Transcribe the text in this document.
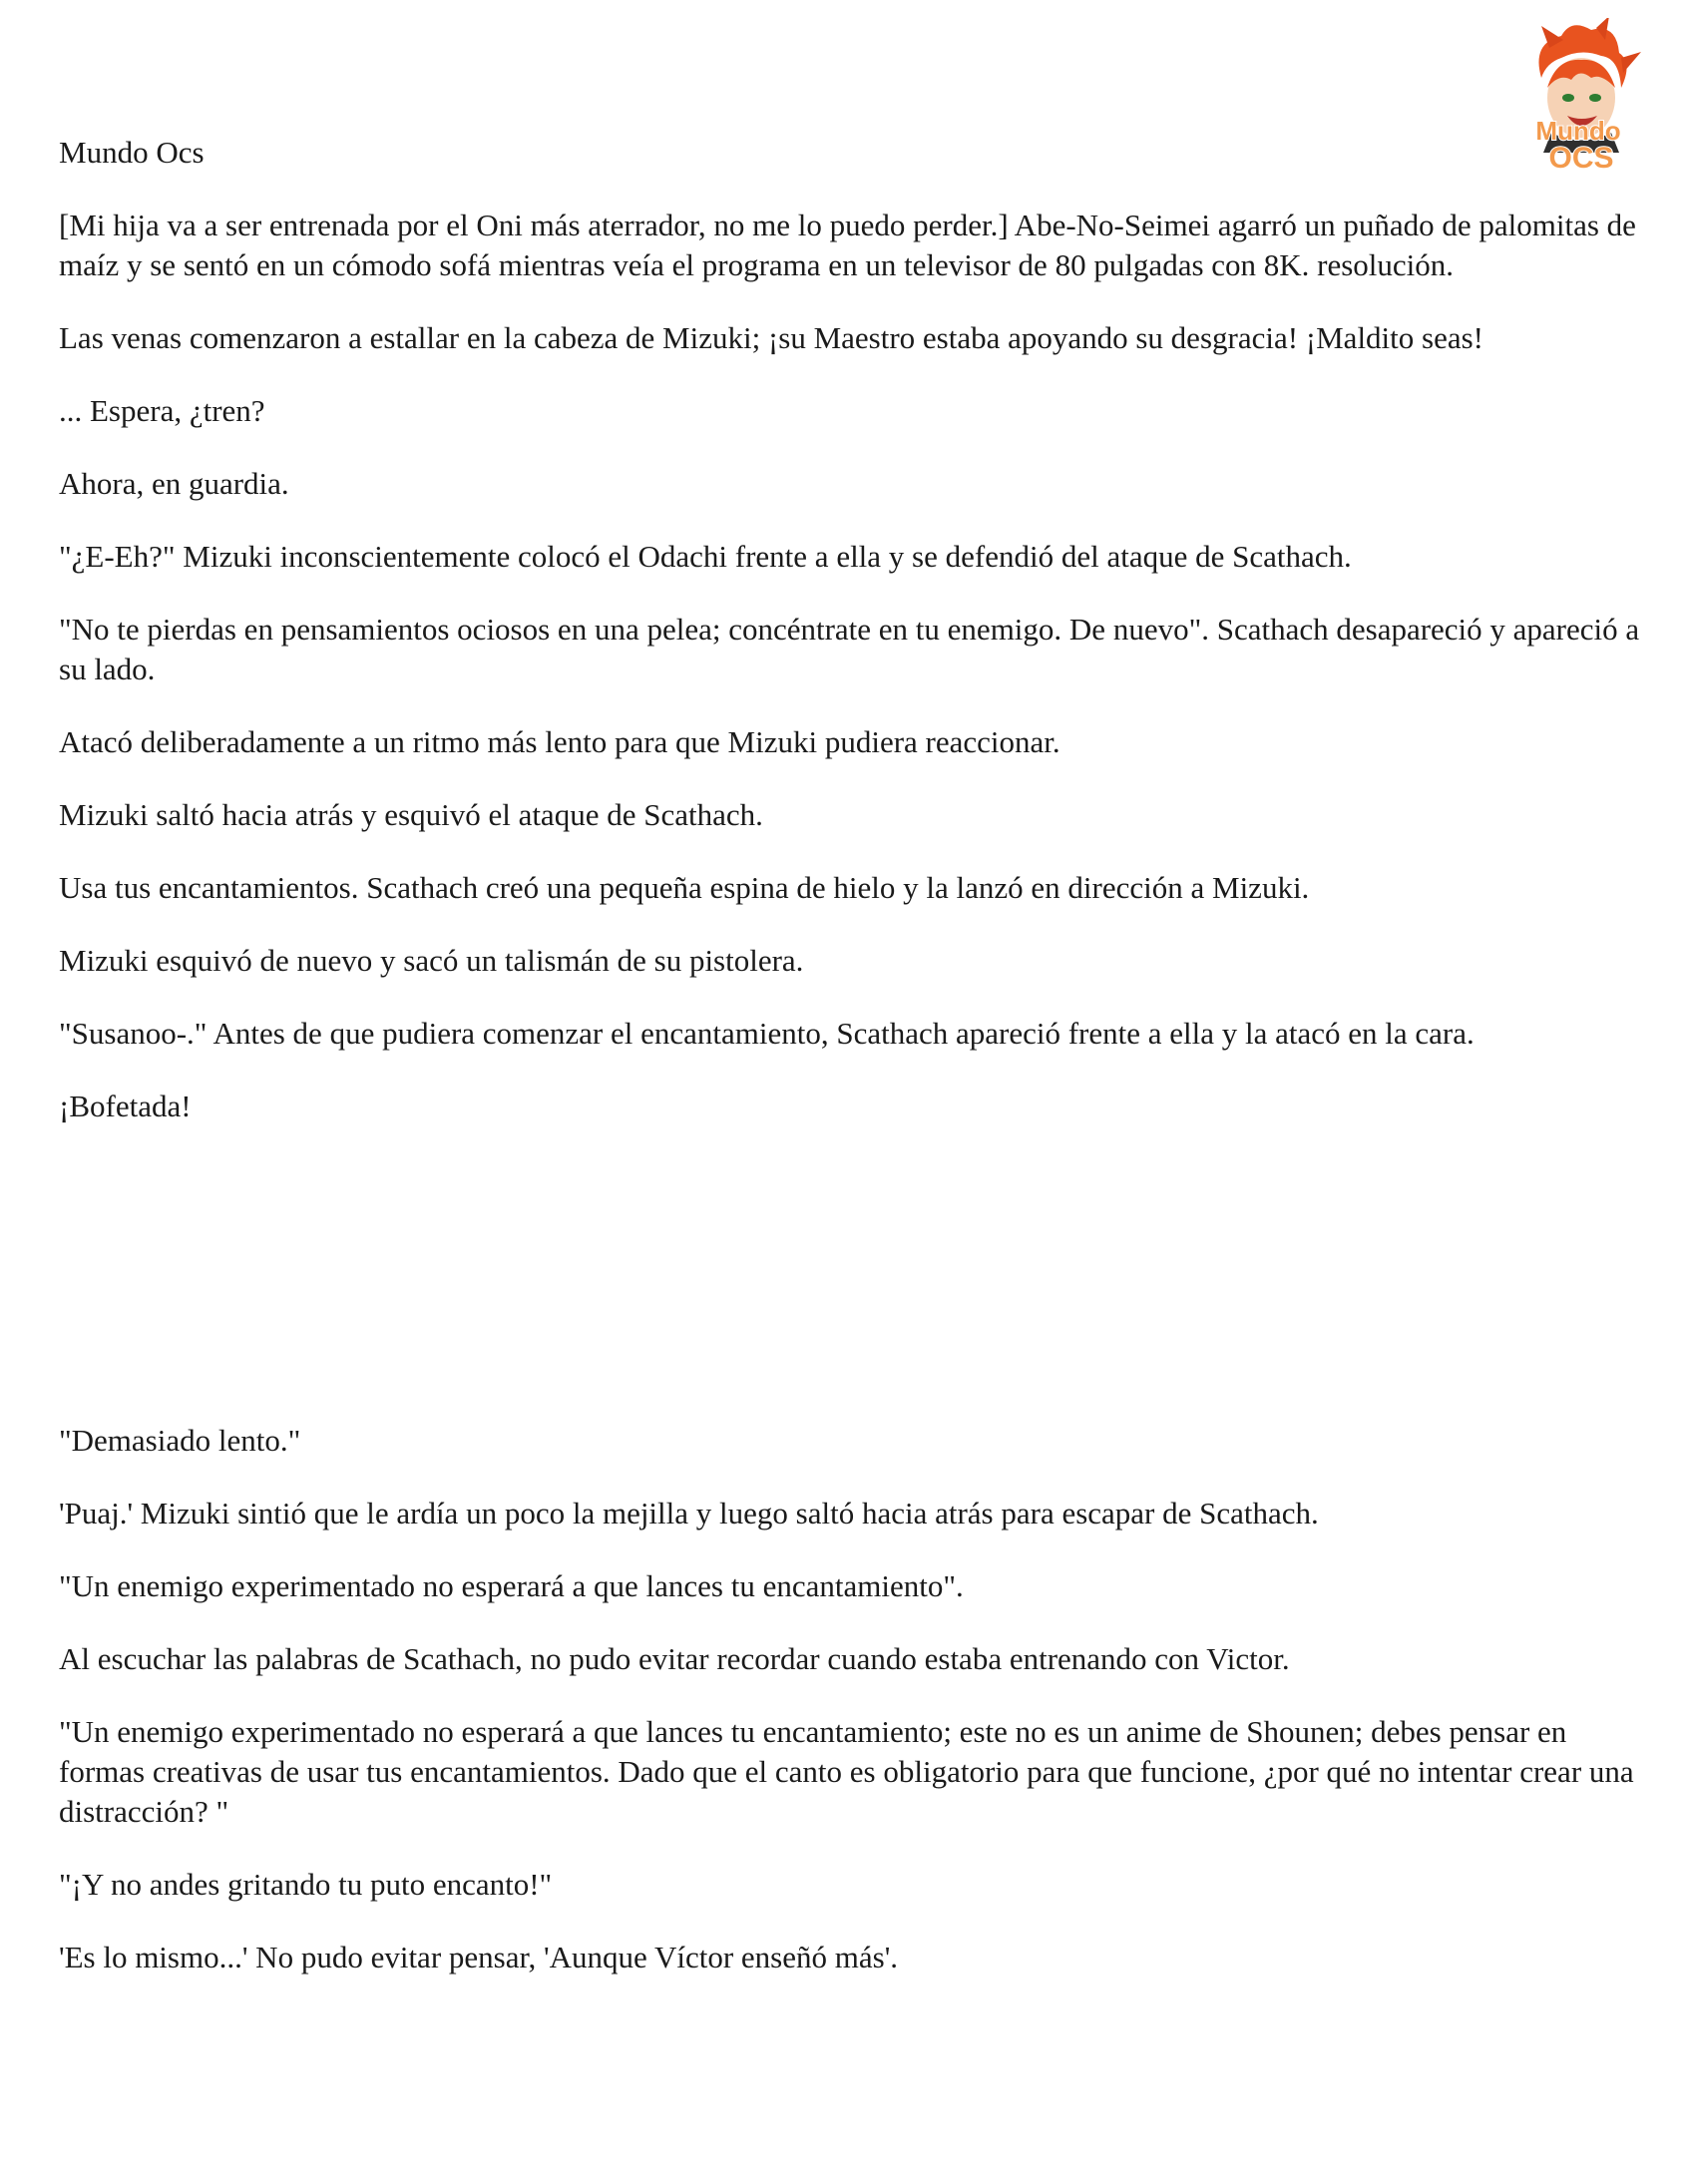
Mundo
OCS

Mundo Ocs

[Mi hija va a ser entrenada por el Oni más aterrador, no me lo puedo perder.] Abe-No-Seimei agarró un puñado de palomitas de maíz y se sentó en un cómodo sofá mientras veía el programa en un televisor de 80 pulgadas con 8K. resolución.

Las venas comenzaron a estallar en la cabeza de Mizuki; ¡su Maestro estaba apoyando su desgracia! ¡Maldito seas!

... Espera, ¿tren?

Ahora, en guardia.

"¿E-Eh?" Mizuki inconscientemente colocó el Odachi frente a ella y se defendió del ataque de Scathach.

"No te pierdas en pensamientos ociosos en una pelea; concéntrate en tu enemigo. De nuevo". Scathach desapareció y apareció a su lado.

Atacó deliberadamente a un ritmo más lento para que Mizuki pudiera reaccionar.

Mizuki saltó hacia atrás y esquivó el ataque de Scathach.

Usa tus encantamientos. Scathach creó una pequeña espina de hielo y la lanzó en dirección a Mizuki.

Mizuki esquivó de nuevo y sacó un talismán de su pistolera.

"Susanoo-." Antes de que pudiera comenzar el encantamiento, Scathach apareció frente a ella y la atacó en la cara.

¡Bofetada!

"Demasiado lento."

'Puaj.' Mizuki sintió que le ardía un poco la mejilla y luego saltó hacia atrás para escapar de Scathach.

"Un enemigo experimentado no esperará a que lances tu encantamiento".

Al escuchar las palabras de Scathach, no pudo evitar recordar cuando estaba entrenando con Victor.

"Un enemigo experimentado no esperará a que lances tu encantamiento; este no es un anime de Shounen; debes pensar en formas creativas de usar tus encantamientos. Dado que el canto es obligatorio para que funcione, ¿por qué no intentar crear una distracción? "

"¡Y no andes gritando tu puto encanto!"

'Es lo mismo...' No pudo evitar pensar, 'Aunque Víctor enseñó más'.
